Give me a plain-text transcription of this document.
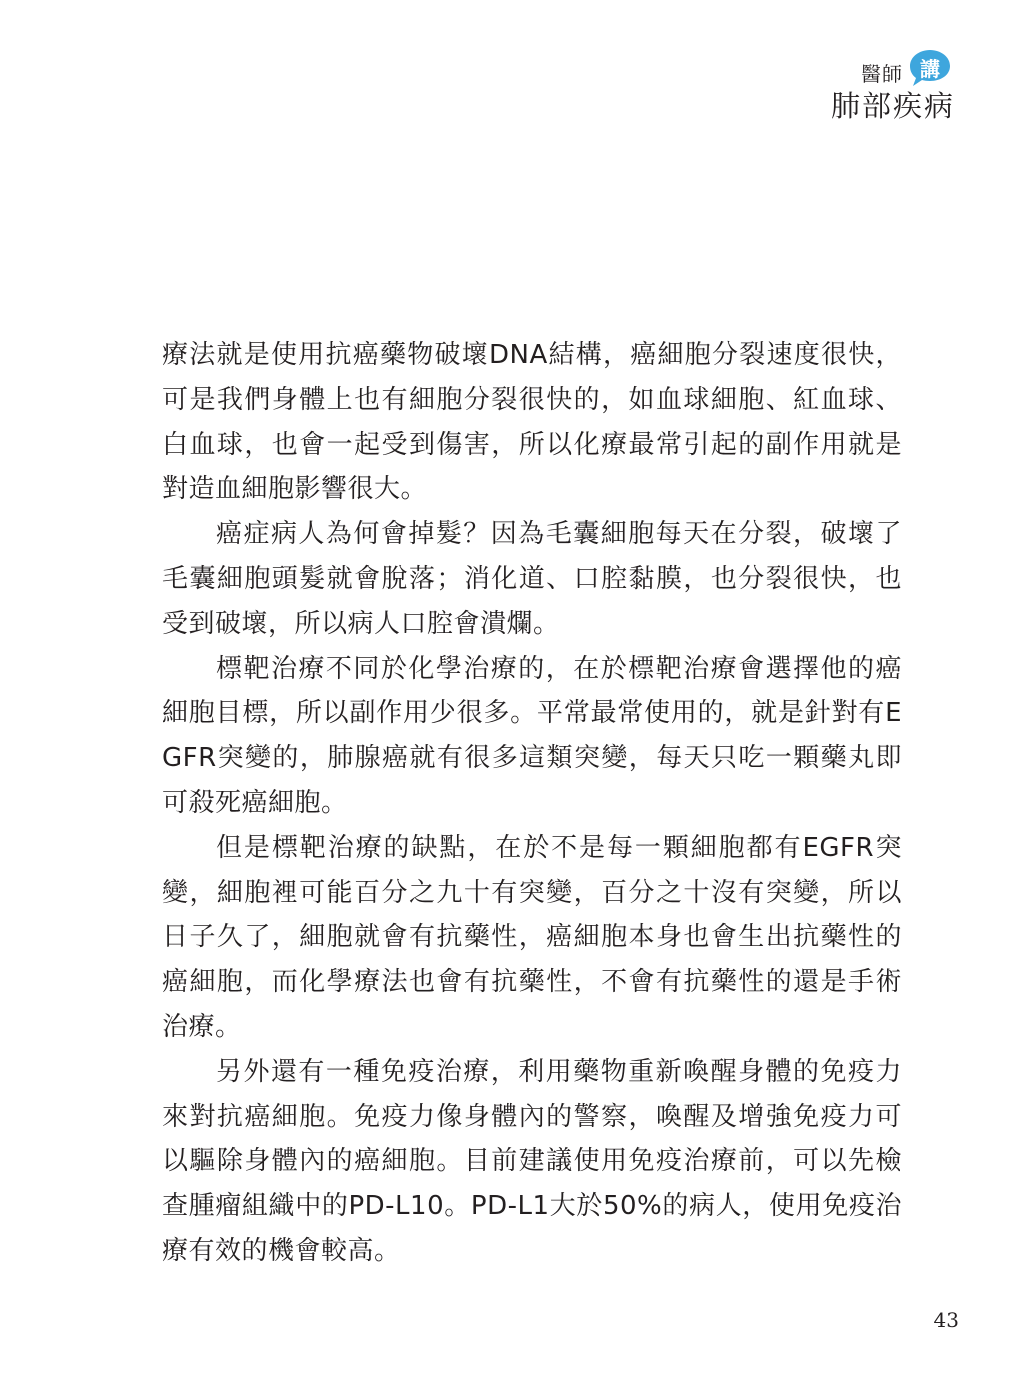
醫師 講
肺部疾病

療法就是使用抗癌藥物破壞DNA結構，癌細胞分裂速度很快，可是我們身體上也有細胞分裂很快的，如血球細胞、紅血球、白血球，也會一起受到傷害，所以化療最常引起的副作用就是對造血細胞影響很大。

癌症病人為何會掉髮？因為毛囊細胞每天在分裂，破壞了毛囊細胞頭髮就會脫落；消化道、口腔黏膜，也分裂很快，也受到破壞，所以病人口腔會潰爛。

標靶治療不同於化學治療的，在於標靶治療會選擇他的癌細胞目標，所以副作用少很多。平常最常使用的，就是針對有EGFR突變的，肺腺癌就有很多這類突變，每天只吃一顆藥丸即可殺死癌細胞。

但是標靶治療的缺點，在於不是每一顆細胞都有EGFR突變，細胞裡可能百分之九十有突變，百分之十沒有突變，所以日子久了，細胞就會有抗藥性，癌細胞本身也會生出抗藥性的癌細胞，而化學療法也會有抗藥性，不會有抗藥性的還是手術治療。

另外還有一種免疫治療，利用藥物重新喚醒身體的免疫力來對抗癌細胞。免疫力像身體內的警察，喚醒及增強免疫力可以驅除身體內的癌細胞。目前建議使用免疫治療前，可以先檢查腫瘤組織中的PD-L10。PD-L1大於50%的病人，使用免疫治療有效的機會較高。

43
